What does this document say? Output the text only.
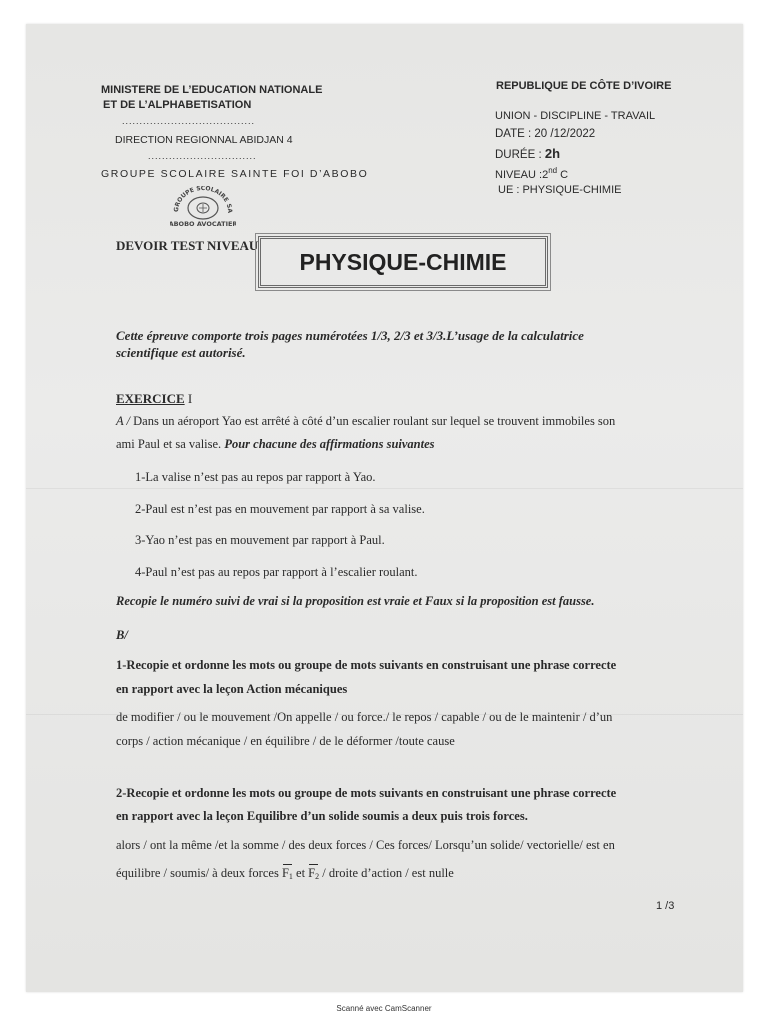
MINISTERE DE L’EDUCATION NATIONALE
ET DE L’ALPHABETISATION
......................................
DIRECTION REGIONNAL ABIDJAN 4
...............................
GROUPE SCOLAIRE SAINTE FOI D’ABOBO
GROUPE SCOLAIRE SA
ABOBO AVOCATIER
DEVOIR TEST NIVEAU
REPUBLIQUE DE CÔTE D’IVOIRE
UNION - DISCIPLINE - TRAVAIL
DATE : 20 /12/2022
DURÉE : 2h
NIVEAU :2nd C
UE : PHYSIQUE-CHIMIE
PHYSIQUE-CHIMIE
Cette épreuve comporte trois pages numérotées 1/3, 2/3 et 3/3.L’usage de la calculatrice
scientifique est autorisé.
EXERCICE I
A / Dans un aéroport Yao est arrêté à côté d’un escalier roulant sur lequel se trouvent immobiles son
ami Paul et sa valise. Pour chacune des affirmations suivantes
1-La valise n’est pas au repos par rapport à Yao.
2-Paul est n’est pas en mouvement par rapport à sa valise.
3-Yao n’est pas en mouvement par rapport à Paul.
4-Paul n’est pas au repos par rapport à l’escalier roulant.
Recopie le numéro suivi de vrai si la proposition est vraie et Faux si la proposition est fausse.
B/
1-Recopie et ordonne les mots ou groupe de mots suivants en construisant une phrase correcte
en rapport avec la leçon Action mécaniques
de modifier / ou le mouvement /On appelle / ou force./ le repos / capable / ou de le maintenir / d’un
corps / action mécanique / en équilibre / de le déformer /toute cause
2-Recopie et ordonne les mots ou groupe de mots suivants en construisant une phrase correcte
en rapport avec la leçon Equilibre d’un solide soumis a deux puis trois forces.
alors / ont la même /et la somme / des deux forces / Ces forces/ Lorsqu’un solide/ vectorielle/ est en
équilibre / soumis/ à deux forces $F_1$ et $F_2$ / droite d’action / est nulle
1 /3
Scanné avec CamScanner
